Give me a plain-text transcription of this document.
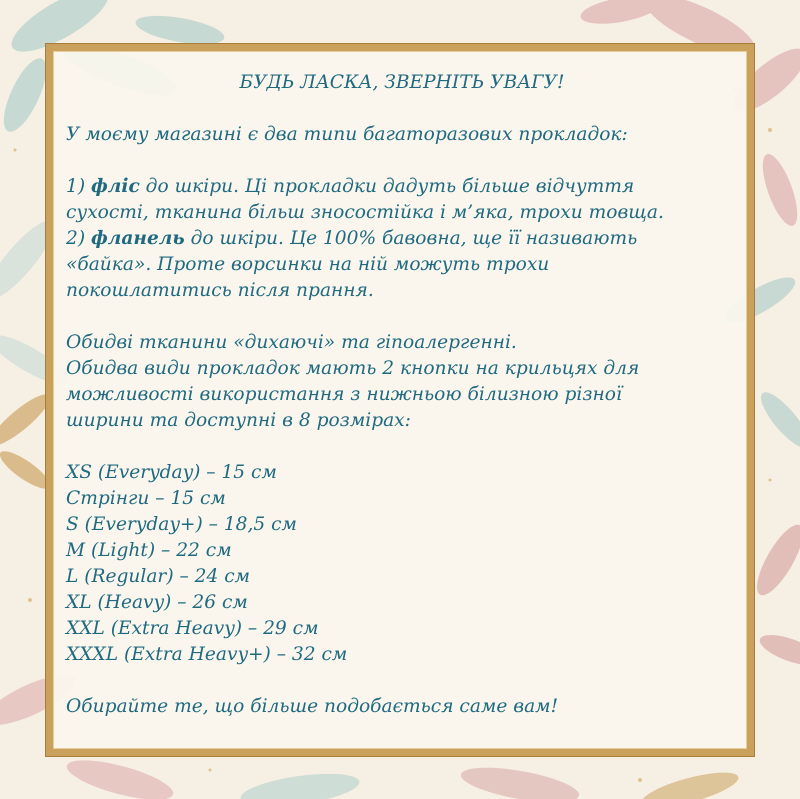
БУДЬ ЛАСКА, ЗВЕРНІТЬ УВАГУ!

У моєму магазині є два типи багаторазових прокладок:

1) фліс до шкіри. Ці прокладки дадуть більше відчуття

сухості, тканина більш зносостійка і м’яка, трохи товща.

2) фланель до шкіри. Це 100% бавовна, ще її називають

«байка». Проте ворсинки на ній можуть трохи

покошлатитись після прання.

Обидві тканини «дихаючі» та гіпоалергенні.

Обидва види прокладок мають 2 кнопки на крильцях для

можливості використання з нижньою білизною різної

ширини та доступні в 8 розмірах:

XS (Everyday) – 15 см

Стрінги – 15 см

S (Everyday+) – 18,5 см

M (Light) – 22 см

L (Regular) – 24 см

XL (Heavy) – 26 см

XXL (Extra Heavy) – 29 см

XXXL (Extra Heavy+) – 32 см

Обирайте те, що більше подобається саме вам!
